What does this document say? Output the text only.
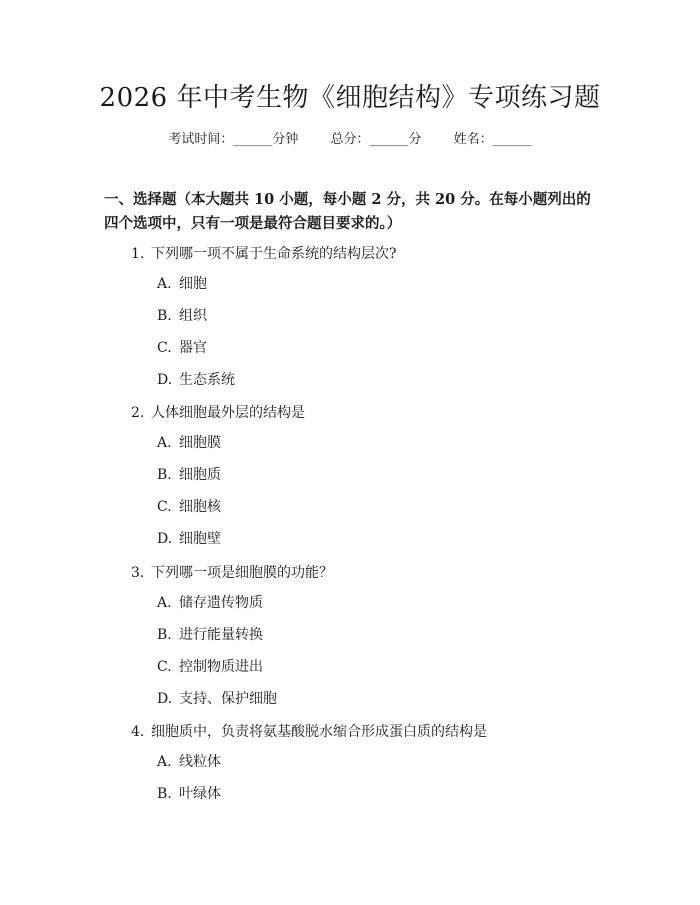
2026 年中考生物《细胞结构》专项练习题
考试时间：______分钟 总分：______分 姓名：______
一、选择题（本大题共 10 小题，每小题 2 分，共 20 分。在每小题列出的四个选项中，只有一项是最符合题目要求的。）
1. 下列哪一项不属于生命系统的结构层次?
A. 细胞
B. 组织
C. 器官
D. 生态系统
2. 人体细胞最外层的结构是
A. 细胞膜
B. 细胞质
C. 细胞核
D. 细胞壁
3. 下列哪一项是细胞膜的功能？
A. 储存遗传物质
B. 进行能量转换
C. 控制物质进出
D. 支持、保护细胞
4. 细胞质中，负责将氨基酸脱水缩合形成蛋白质的结构是
A. 线粒体
B. 叶绿体
